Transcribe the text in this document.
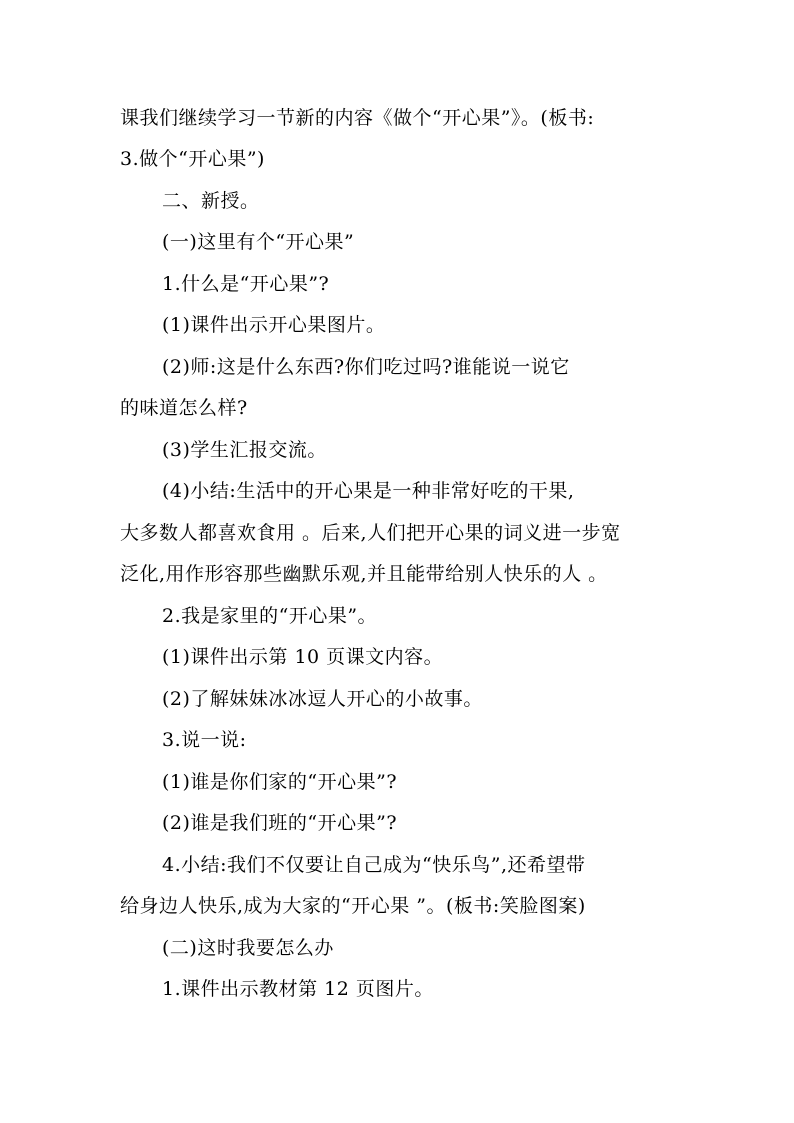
课我们继续学习一节新的内容《做个“开心果”》。(板书:
3.做个“开心果”)
二、新授。
(一)这里有个“开心果”
1.什么是“开心果”?
(1)课件出示开心果图片。
(2)师:这是什么东西?你们吃过吗?谁能说一说它
的味道怎么样?
(3)学生汇报交流。
(4)小结:生活中的开心果是一种非常好吃的干果,
大多数人都喜欢食用 。后来,人们把开心果的词义进一步宽
泛化,用作形容那些幽默乐观,并且能带给别人快乐的人 。
2.我是家里的“开心果”。
(1)课件出示第 10 页课文内容。
(2)了解妹妹冰冰逗人开心的小故事。
3.说一说:
(1)谁是你们家的“开心果”?
(2)谁是我们班的“开心果”?
4.小结:我们不仅要让自己成为“快乐鸟”,还希望带
给身边人快乐,成为大家的“开心果 ”。(板书:笑脸图案)
(二)这时我要怎么办
1.课件出示教材第 12 页图片。
